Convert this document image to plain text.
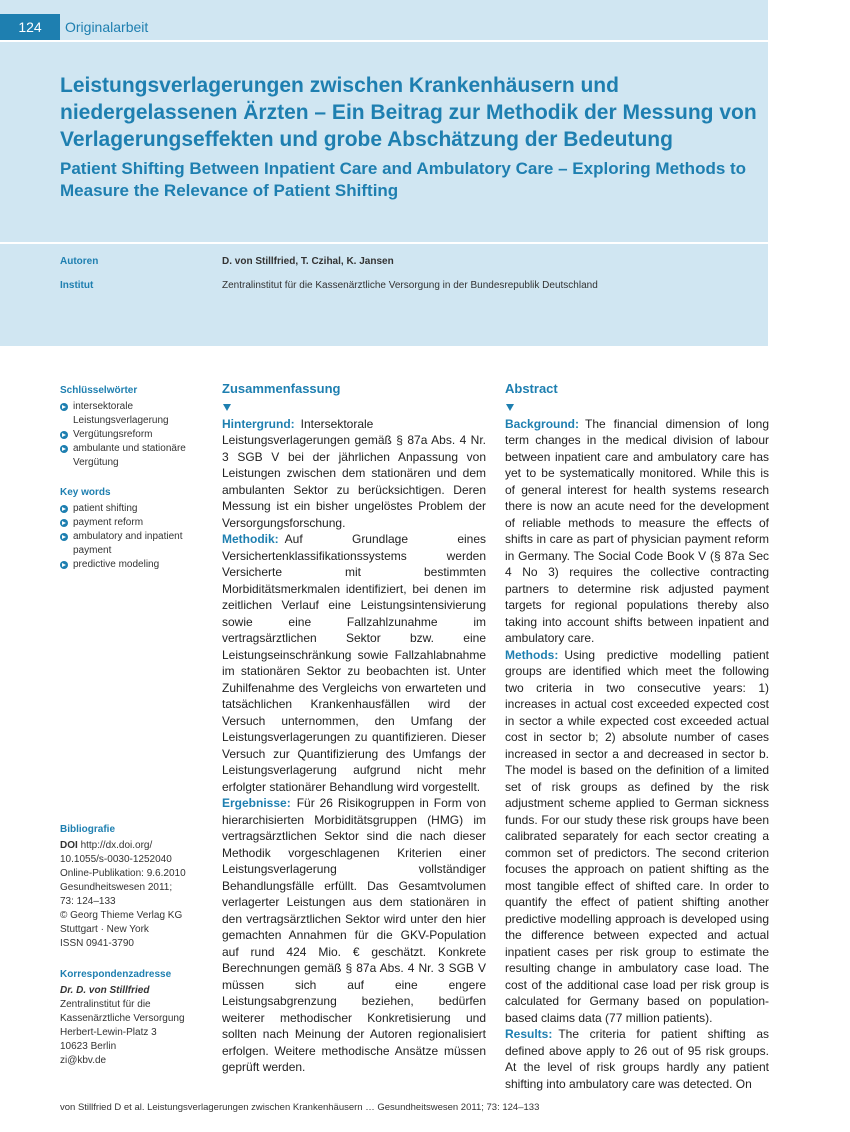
124	Originalarbeit
Leistungsverlagerungen zwischen Krankenhäusern und niedergelassenen Ärzten – Ein Beitrag zur Methodik der Messung von Verlagerungseffekten und grobe Abschätzung der Bedeutung
Patient Shifting Between Inpatient Care and Ambulatory Care – Exploring Methods to Measure the Relevance of Patient Shifting
Autoren	D. von Stillfried, T. Czihal, K. Jansen
Institut	Zentralinstitut für die Kassenärztliche Versorgung in der Bundesrepublik Deutschland
Schlüsselwörter
intersektorale Leistungsverlagerung
Vergütungsreform
ambulante und stationäre Vergütung
Key words
patient shifting
payment reform
ambulatory and inpatient payment
predictive modeling
Bibliografie
DOI http://dx.doi.org/
10.1055/s-0030-1252040
Online-Publikation: 9.6.2010
Gesundheitswesen 2011;
73: 124–133
© Georg Thieme Verlag KG
Stuttgart · New York
ISSN 0941-3790
Korrespondenzadresse
Dr. D. von Stillfried
Zentralinstitut für die Kassenärztliche Versorgung
Herbert-Lewin-Platz 3
10623 Berlin
zi@kbv.de
Zusammenfassung

Hintergrund: Intersektorale Leistungsverlagerungen gemäß § 87a Abs. 4 Nr. 3 SGB V bei der jährlichen Anpassung von Leistungen zwischen dem stationären und dem ambulanten Sektor zu berücksichtigen. Deren Messung ist ein bisher ungelöstes Problem der Versorgungsforschung.

Methodik: Auf Grundlage eines Versichertenklassifikationssystems werden Versicherte mit bestimmten Morbiditätsmerkmalen identifiziert, bei denen im zeitlichen Verlauf eine Leistungsintensivierung sowie eine Fallzahlzunahme im vertragsärztlichen Sektor bzw. eine Leistungseinschränkung sowie Fallzahlabnahme im stationären Sektor zu beobachten ist. Unter Zuhilfenahme des Vergleichs von erwarteten und tatsächlichen Krankenhausfällen wird der Versuch unternommen, den Umfang der Leistungsverlagerungen zu quantifizieren. Dieser Versuch zur Quantifizierung des Umfangs der Leistungsverlagerung aufgrund nicht mehr erfolgter stationärer Behandlung wird vorgestellt.

Ergebnisse: Für 26 Risikogruppen in Form von hierarchisierten Morbiditätsgruppen (HMG) im vertragsärztlichen Sektor sind die nach dieser Methodik vorgeschlagenen Kriterien einer Leistungsverlagerung vollständiger Behandlungsfälle erfüllt. Das Gesamtvolumen verlagerter Leistungen aus dem stationären in den vertragsärztlichen Sektor wird unter den hier gemachten Annahmen für die GKV-Population auf rund 424 Mio. € geschätzt. Konkrete Berechnungen gemäß § 87a Abs. 4 Nr. 3 SGB V müssen sich auf eine engere Leistungsabgrenzung beziehen, bedürfen weiterer methodischer Konkretisierung und sollten nach Meinung der Autoren regionalisiert erfolgen. Weitere methodische Ansätze müssen geprüft werden.

Abstract

Background: The financial dimension of long term changes in the medical division of labour between inpatient care and ambulatory care has yet to be systematically monitored. While this is of general interest for health systems research there is now an acute need for the development of reliable methods to measure the effects of shifts in care as part of physician payment reform in Germany. The Social Code Book V (§ 87a Sec 4 No 3) requires the collective contracting partners to determine risk adjusted payment targets for regional populations thereby also taking into account shifts between inpatient and ambulatory care.

Methods: Using predictive modelling patient groups are identified which meet the following two criteria in two consecutive years: 1) increases in actual cost exceeded expected cost in sector a while expected cost exceeded actual cost in sector b; 2) absolute number of cases increased in sector a and decreased in sector b. The model is based on the definition of a limited set of risk groups as defined by the risk adjustment scheme applied to German sickness funds. For our study these risk groups have been calibrated separately for each sector creating a common set of predictors. The second criterion focuses the approach on patient shifting as the most tangible effect of shifted care. In order to quantify the effect of patient shifting another predictive modelling approach is developed using the difference between expected and actual inpatient cases per risk group to estimate the resulting change in ambulatory case load. The cost of the additional case load per risk group is calculated for Germany based on population-based claims data (77 million patients).

Results: The criteria for patient shifting as defined above apply to 26 out of 95 risk groups. At the level of risk groups hardly any patient shifting into ambulatory care was detected. On

von Stillfried D et al. Leistungsverlagerungen zwischen Krankenhäusern … Gesundheitswesen 2011; 73: 124–133
